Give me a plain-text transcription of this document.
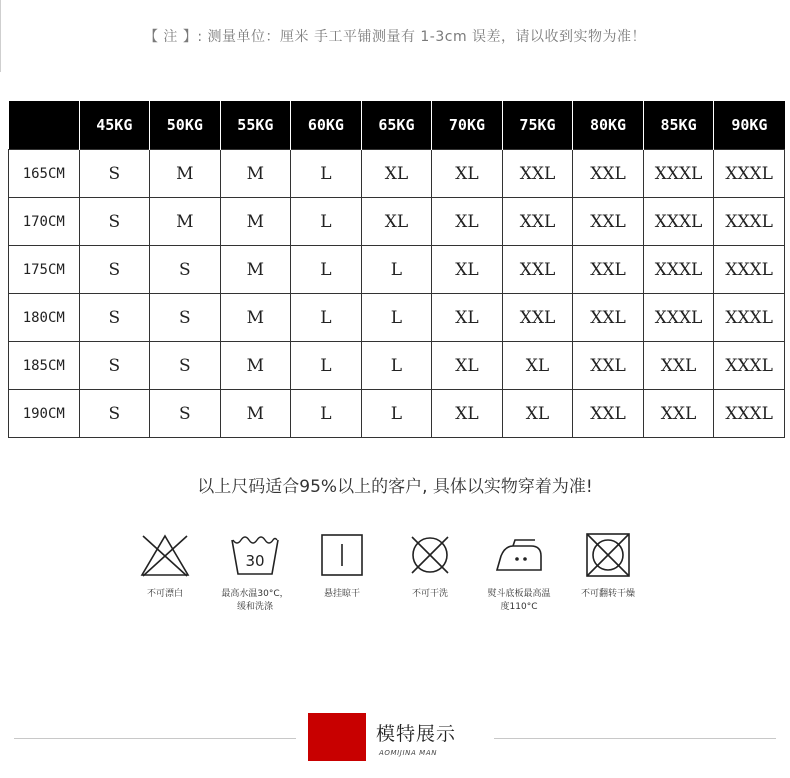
【 注 】: 测量单位：厘米 手工平铺测量有 1-3cm 误差，请以收到实物为准！
	45KG	50KG	55KG	60KG	65KG	70KG	75KG	80KG	85KG	90KG
165CM	S	M	M	L	XL	XL	XXL	XXL	XXXL	XXXL
170CM	S	M	M	L	XL	XL	XXL	XXL	XXXL	XXXL
175CM	S	S	M	L	L	XL	XXL	XXL	XXXL	XXXL
180CM	S	S	M	L	L	XL	XXL	XXL	XXXL	XXXL
185CM	S	S	M	L	L	XL	XL	XXL	XXL	XXXL
190CM	S	S	M	L	L	XL	XL	XXL	XXL	XXXL
以上尺码适合95%以上的客户, 具体以实物穿着为准!
不可漂白
30
最高水温30°C，缓和洗涤
悬挂晾干	不可干洗	熨斗底板最高温度110°C
不可翻转干燥
模特展示
AOMIJINA MAN
